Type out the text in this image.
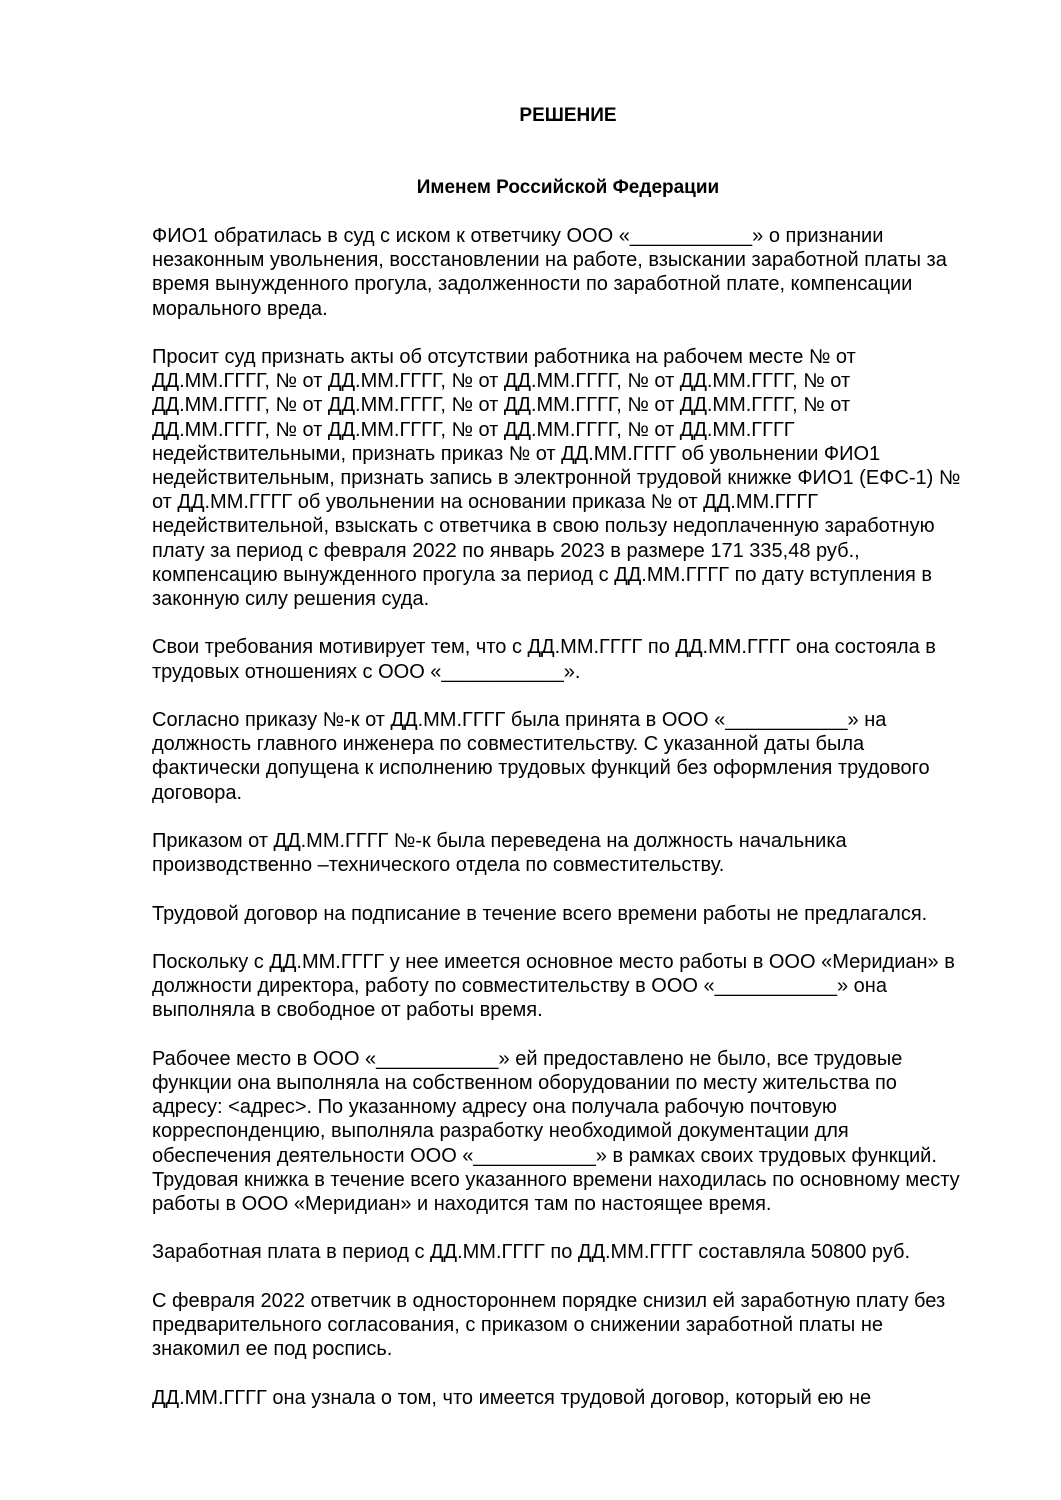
РЕШЕНИЕ
Именем Российской Федерации

ФИО1 обратилась в суд с иском к ответчику ООО «___________» о признании
незаконным увольнения, восстановлении на работе, взыскании заработной платы за
время вынужденного прогула, задолженности по заработной плате, компенсации
морального вреда.

Просит суд признать акты об отсутствии работника на рабочем месте № от
ДД.ММ.ГГГГ, № от ДД.ММ.ГГГГ, № от ДД.ММ.ГГГГ, № от ДД.ММ.ГГГГ, № от
ДД.ММ.ГГГГ, № от ДД.ММ.ГГГГ, № от ДД.ММ.ГГГГ, № от ДД.ММ.ГГГГ, № от
ДД.ММ.ГГГГ, № от ДД.ММ.ГГГГ, № от ДД.ММ.ГГГГ, № от ДД.ММ.ГГГГ
недействительными, признать приказ № от ДД.ММ.ГГГГ об увольнении ФИО1
недействительным, признать запись в электронной трудовой книжке ФИО1 (ЕФС-1) №
от ДД.ММ.ГГГГ об увольнении на основании приказа № от ДД.ММ.ГГГГ
недействительной, взыскать с ответчика в свою пользу недоплаченную заработную
плату за период с февраля 2022 по январь 2023 в размере 171 335,48 руб.,
компенсацию вынужденного прогула за период с ДД.ММ.ГГГГ по дату вступления в
законную силу решения суда.

Свои требования мотивирует тем, что с ДД.ММ.ГГГГ по ДД.ММ.ГГГГ она состояла в
трудовых отношениях с ООО «___________».

Согласно приказу №-к от ДД.ММ.ГГГГ была принята в ООО «___________» на
должность главного инженера по совместительству. С указанной даты была
фактически допущена к исполнению трудовых функций без оформления трудового
договора.

Приказом от ДД.ММ.ГГГГ №-к была переведена на должность начальника
производственно –технического отдела по совместительству.

Трудовой договор на подписание в течение всего времени работы не предлагался.

Поскольку с ДД.ММ.ГГГГ у нее имеется основное место работы в ООО «Меридиан» в
должности директора, работу по совместительству в ООО «___________» она
выполняла в свободное от работы время.

Рабочее место в ООО «___________» ей предоставлено не было, все трудовые
функции она выполняла на собственном оборудовании по месту жительства по
адресу: <адрес>. По указанному адресу она получала рабочую почтовую
корреспонденцию, выполняла разработку необходимой документации для
обеспечения деятельности ООО «___________» в рамках своих трудовых функций.
Трудовая книжка в течение всего указанного времени находилась по основному месту
работы в ООО «Меридиан» и находится там по настоящее время.

Заработная плата в период с ДД.ММ.ГГГГ по ДД.ММ.ГГГГ составляла 50800 руб.

С февраля 2022 ответчик в одностороннем порядке снизил ей заработную плату без
предварительного согласования, с приказом о снижении заработной платы не
знакомил ее под роспись.

ДД.ММ.ГГГГ она узнала о том, что имеется трудовой договор, который ею не
